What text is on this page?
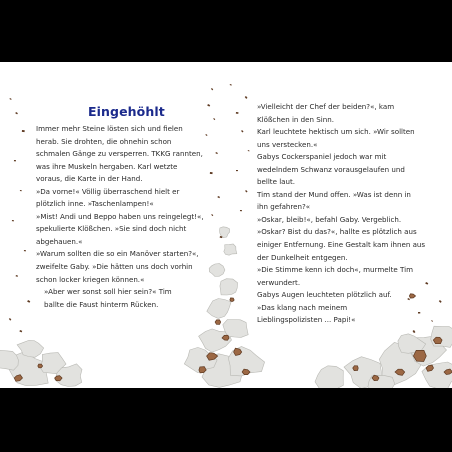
Eingehöhlt
Immer mehr Steine lösten sich und fielen
herab. Sie drohten, die ohnehin schon
schmalen Gänge zu versperren. TKKG rannten,
was ihre Muskeln hergaben. Karl wetzte
voraus, die Karte in der Hand.
»Da vorne!« Völlig überraschend hielt er
plötzlich inne. »Taschenlampen!«
»Mist! Andi und Beppo haben uns reingelegt!«,
spekulierte Klößchen. »Sie sind doch nicht
abgehauen.«
»Warum sollten die so ein Manöver starten?«,
zweifelte Gaby. »Die hätten uns doch vorhin
schon locker kriegen können.«
»Aber wer sonst soll hier sein?« Tim
ballte die Faust hinterm Rücken.
»Vielleicht der Chef der beiden?«, kam
Klößchen in den Sinn.
Karl leuchtete hektisch um sich. »Wir sollten
uns verstecken.«
Gabys Cockerspaniel jedoch war mit
wedelndem Schwanz vorausgelaufen und
bellte laut.
Tim stand der Mund offen. »Was ist denn in
ihn gefahren?«
»Oskar, bleib!«, befahl Gaby. Vergeblich.
»Oskar? Bist du das?«, hallte es plötzlich aus
einiger Entfernung. Eine Gestalt kam ihnen aus
der Dunkelheit entgegen.
»Die Stimme kenn ich doch«, murmelte Tim
verwundert.
Gabys Augen leuchteten plötzlich auf.
»Das klang nach meinem
Lieblingspolizisten ... Papi!«
